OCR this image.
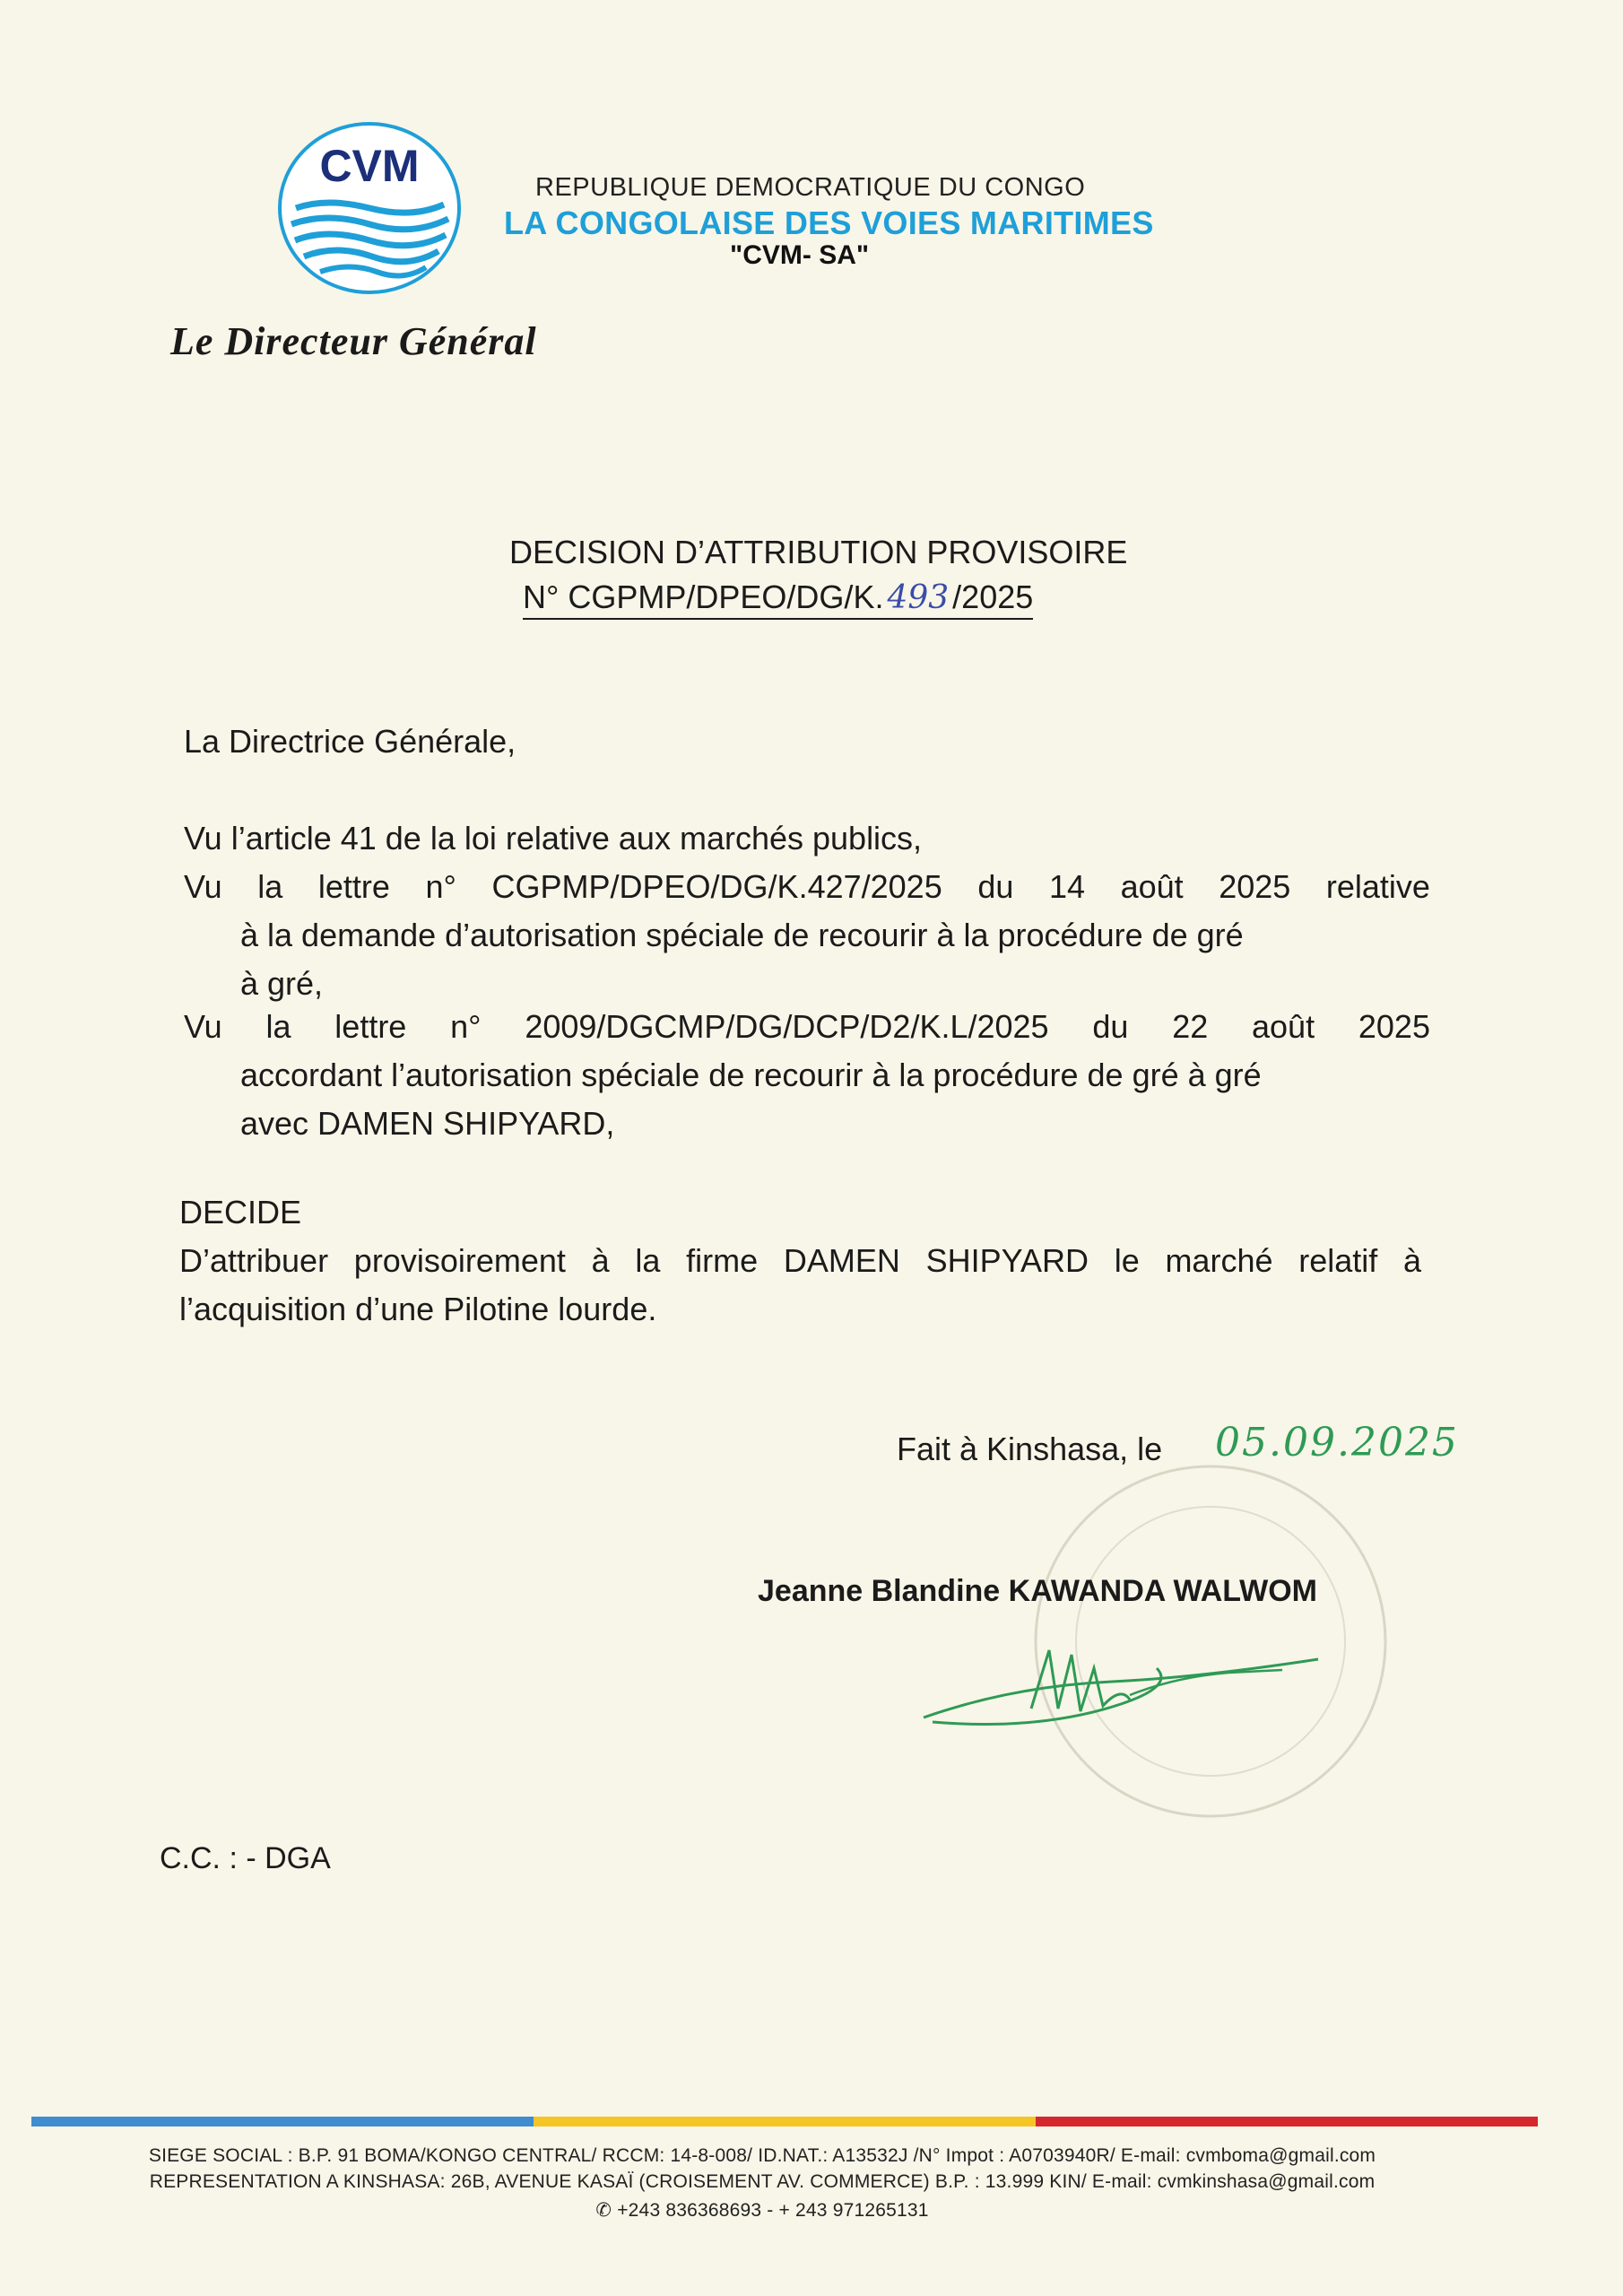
CVM	REPUBLIQUE DEMOCRATIQUE DU CONGO
LA CONGOLAISE DES VOIES MARITIMES
"CVM- SA"
Le Directeur Général
DECISION D’ATTRIBUTION PROVISOIRE
N° CGPMP/DPEO/DG/K. 493 /2025
La Directrice Générale,
Vu l’article 41 de la loi relative aux marchés publics,
Vu la lettre n° CGPMP/DPEO/DG/K.427/2025 du 14 août 2025 relative
à la demande d’autorisation spéciale de recourir à la procédure de gré
à gré,
Vu la lettre n° 2009/DGCMP/DG/DCP/D2/K.L/2025 du 22 août 2025
accordant l’autorisation spéciale de recourir à la procédure de gré à gré
avec DAMEN SHIPYARD,
DECIDE
D’attribuer provisoirement à la firme DAMEN SHIPYARD le marché relatif à
l’acquisition d’une Pilotine lourde.
Fait à Kinshasa, le 05.09.2025
Jeanne Blandine KAWANDA WALWOM
C.C. : - DGA
SIEGE SOCIAL : B.P. 91 BOMA/KONGO CENTRAL/ RCCM: 14-8-008/ ID.NAT.: A13532J /N° Impot : A0703940R/ E-mail: cvmboma@gmail.com
REPRESENTATION A KINSHASA: 26B, AVENUE KASAÏ (CROISEMENT AV. COMMERCE) B.P. : 13.999 KIN/ E-mail: cvmkinshasa@gmail.com
✆ +243 836368693 - + 243 971265131
